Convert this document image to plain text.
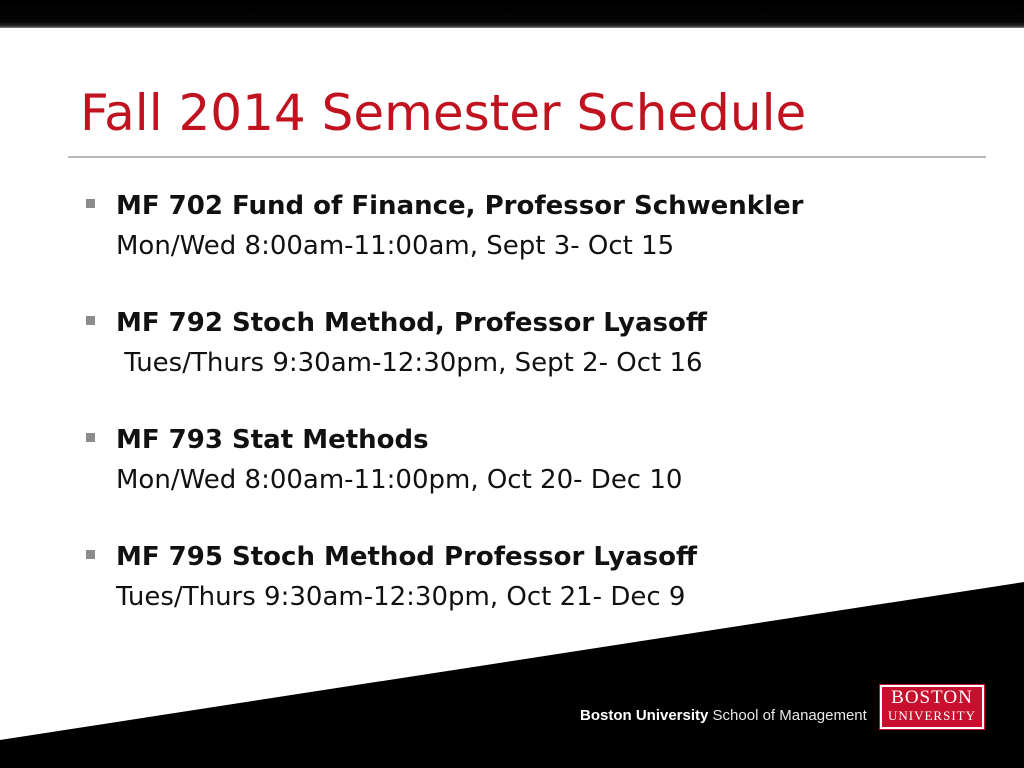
Fall 2014 Semester Schedule
MF 702 Fund of Finance, Professor Schwenkler
Mon/Wed 8:00am-11:00am, Sept 3- Oct 15
MF 792 Stoch Method, Professor Lyasoff
Tues/Thurs 9:30am-12:30pm, Sept 2- Oct 16
MF 793 Stat Methods
Mon/Wed 8:00am-11:00pm, Oct 20- Dec 10
MF 795 Stoch Method Professor Lyasoff
Tues/Thurs 9:30am-12:30pm, Oct 21- Dec 9
Boston University School of Management
BOSTON
UNIVERSITY
